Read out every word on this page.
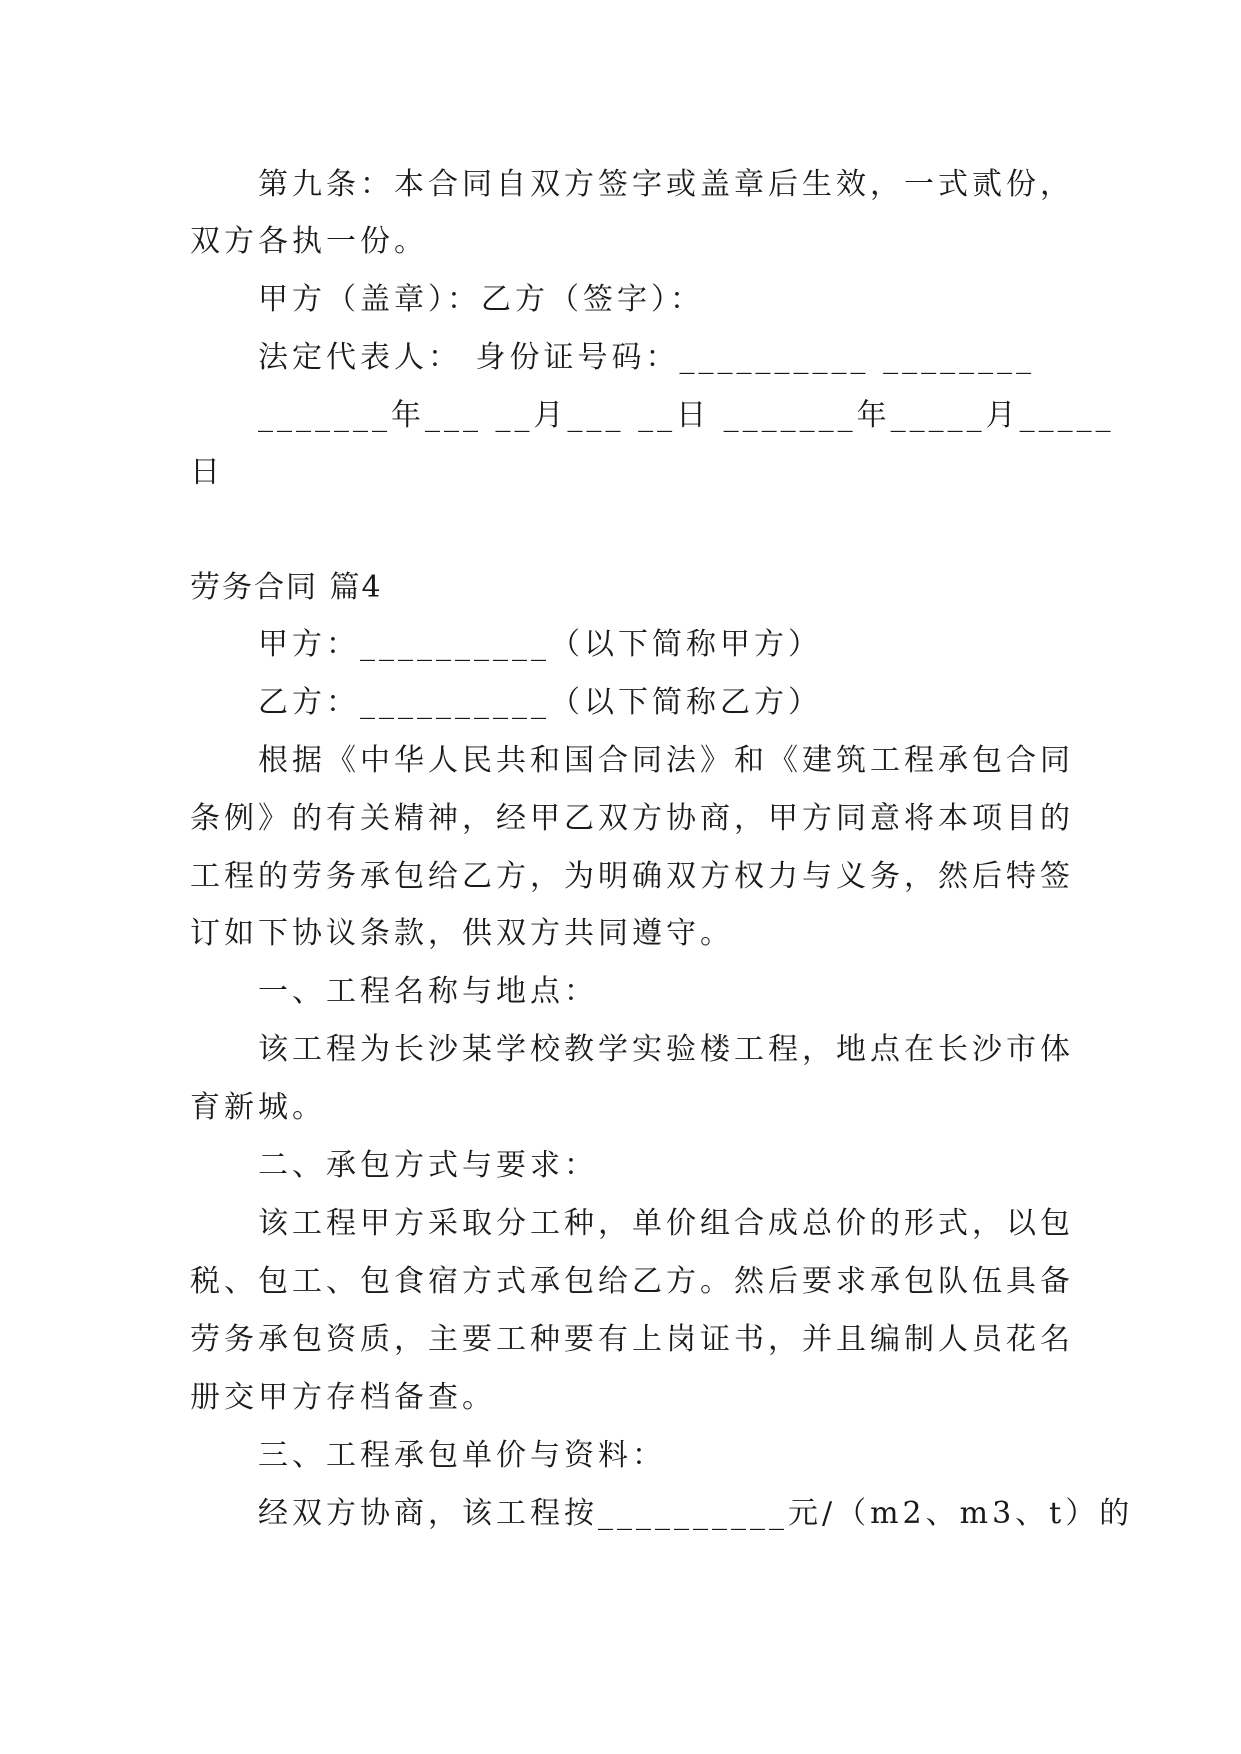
第九条：本合同自双方签字或盖章后生效，一式贰份，
双方各执一份。
甲方（盖章）：乙方（签字）：
法定代表人： 身份证号码：__________ ________
_______年___ __月___ __日 _______年_____月_____
日
劳务合同 篇4
甲方：__________（以下简称甲方）
乙方：__________（以下简称乙方）
根据《中华人民共和国合同法》和《建筑工程承包合同
条例》的有关精神，经甲乙双方协商，甲方同意将本项目的
工程的劳务承包给乙方，为明确双方权力与义务，然后特签
订如下协议条款，供双方共同遵守。
一、工程名称与地点：
该工程为长沙某学校教学实验楼工程，地点在长沙市体
育新城。
二、承包方式与要求：
该工程甲方采取分工种，单价组合成总价的形式，以包
税、包工、包食宿方式承包给乙方。然后要求承包队伍具备
劳务承包资质，主要工种要有上岗证书，并且编制人员花名
册交甲方存档备查。
三、工程承包单价与资料：
经双方协商，该工程按__________元/（m2、m3、t）的
